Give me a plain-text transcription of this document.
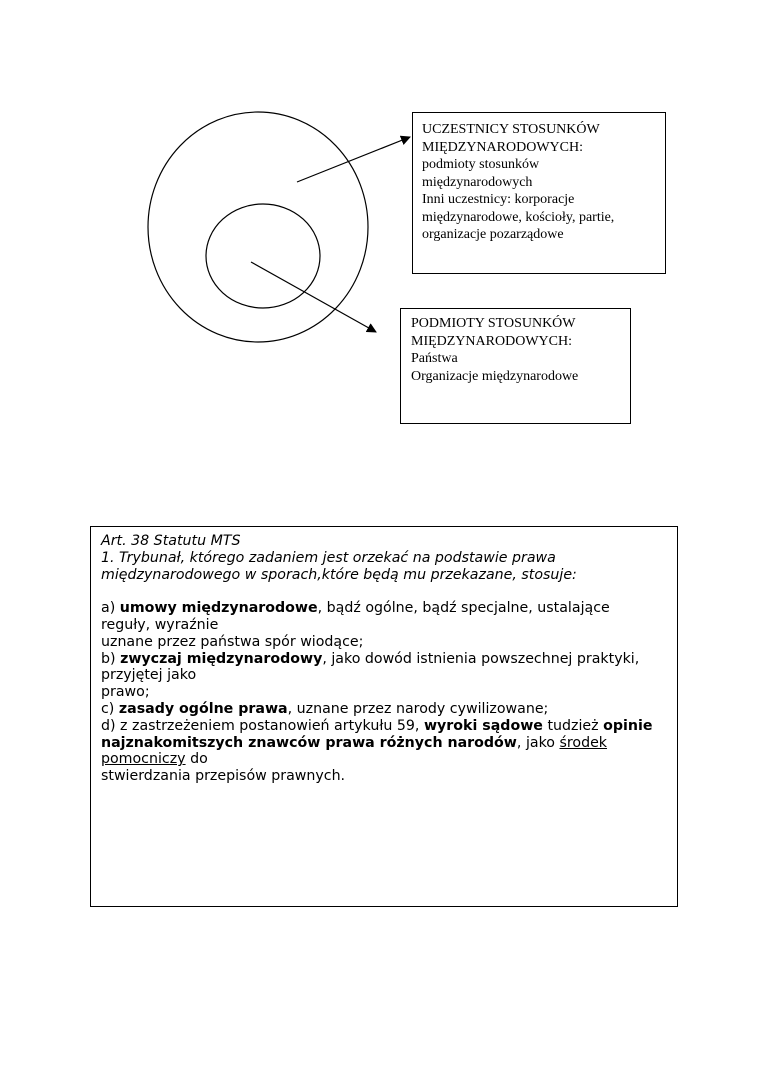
UCZESTNICY STOSUNKÓW
MIĘDZYNARODOWYCH:
podmioty stosunków
międzynarodowych
Inni uczestnicy: korporacje
międzynarodowe, kościoły, partie,
organizacje pozarządowe
PODMIOTY STOSUNKÓW
MIĘDZYNARODOWYCH:
Państwa
Organizacje międzynarodowe
Art. 38 Statutu MTS
1. Trybunał, którego zadaniem jest orzekać na podstawie prawa
międzynarodowego w sporach,które będą mu przekazane, stosuje:
a) umowy międzynarodowe, bądź ogólne, bądź specjalne, ustalające
reguły, wyraźnie
uznane przez państwa spór wiodące;
b) zwyczaj międzynarodowy, jako dowód istnienia powszechnej praktyki,
przyjętej jako
prawo;
c) zasady ogólne prawa, uznane przez narody cywilizowane;
d) z zastrzeżeniem postanowień artykułu 59, wyroki sądowe tudzież opinie
najznakomitszych znawców prawa różnych narodów, jako środek
pomocniczy do
stwierdzania przepisów prawnych.
